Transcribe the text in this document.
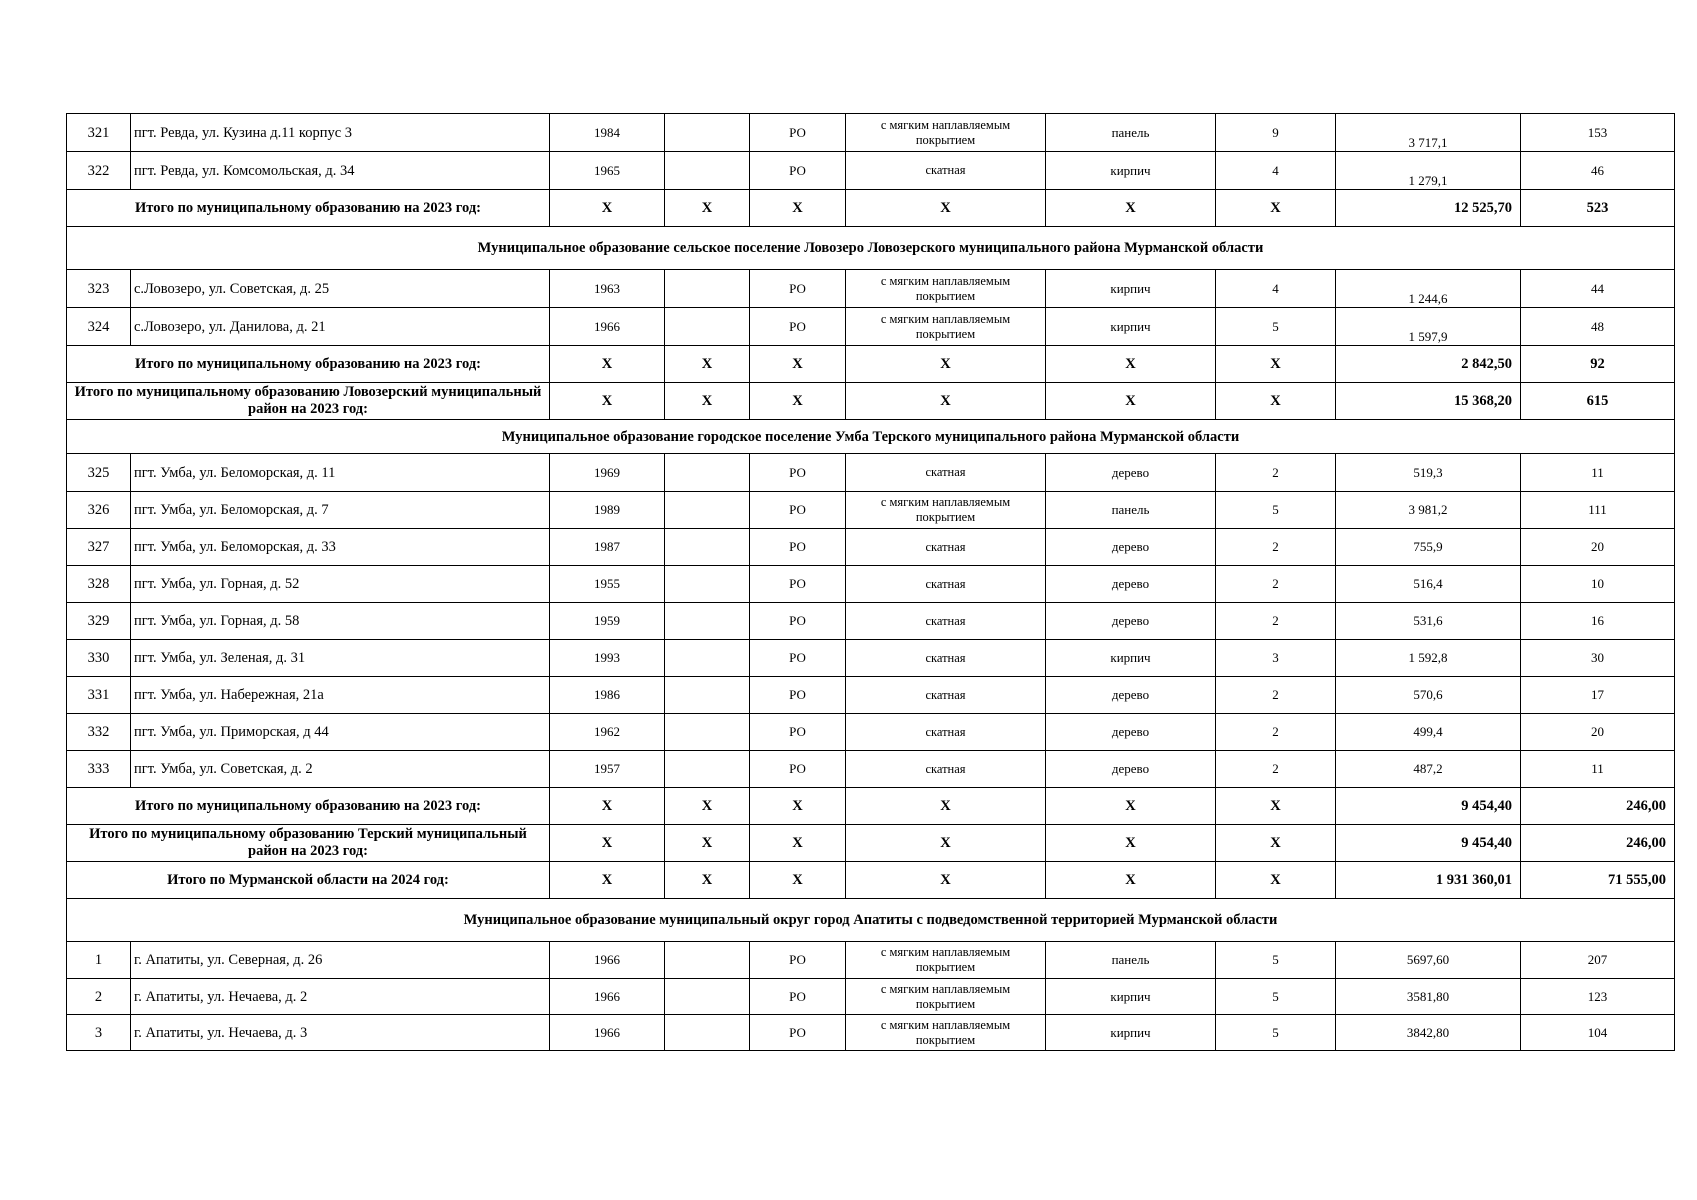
321	пгт. Ревда, ул. Кузина д.11 корпус 3	1984		РО	с мягким наплавляемым покрытием	панель	9	3 717,1	153
322	пгт. Ревда, ул. Комсомольская, д. 34	1965		РО	скатная	кирпич	4	1 279,1	46
Итого по муниципальному образованию на 2023 год:		Х	Х	Х	Х	Х	Х	12 525,70	523
Муниципальное образование сельское поселение Ловозеро Ловозерского муниципального района Мурманской области									
323	с.Ловозеро, ул. Советская, д. 25	1963		РО	с мягким наплавляемым покрытием	кирпич	4	1 244,6	44
324	с.Ловозеро, ул. Данилова, д. 21	1966		РО	с мягким наплавляемым покрытием	кирпич	5	1 597,9	48
Итого по муниципальному образованию на 2023 год:		Х	Х	Х	Х	Х	Х	2 842,50	92
Итого по муниципальному образованию Ловозерский муниципальный район на 2023 год:		Х	Х	Х	Х	Х	Х	15 368,20	615
Муниципальное образование городское поселение Умба Терского муниципального района Мурманской области									
325	пгт. Умба, ул. Беломорская, д. 11	1969		РО	скатная	дерево	2	519,3	11
326	пгт. Умба, ул. Беломорская, д. 7	1989		РО	с мягким наплавляемым покрытием	панель	5	3 981,2	111
327	пгт. Умба, ул. Беломорская, д. 33	1987		РО	скатная	дерево	2	755,9	20
328	пгт. Умба, ул. Горная, д. 52	1955		РО	скатная	дерево	2	516,4	10
329	пгт. Умба, ул. Горная, д. 58	1959		РО	скатная	дерево	2	531,6	16
330	пгт. Умба, ул. Зеленая, д. 31	1993		РО	скатная	кирпич	3	1 592,8	30
331	пгт. Умба, ул. Набережная, 21а	1986		РО	скатная	дерево	2	570,6	17
332	пгт. Умба, ул. Приморская, д 44	1962		РО	скатная	дерево	2	499,4	20
333	пгт. Умба, ул. Советская, д. 2	1957		РО	скатная	дерево	2	487,2	11
Итого по муниципальному образованию на 2023 год:		Х	Х	Х	Х	Х	Х	9 454,40	246,00
Итого по муниципальному образованию Терский муниципальный район на 2023 год:		Х	Х	Х	Х	Х	Х	9 454,40	246,00
Итого по Мурманской области на 2024 год:		Х	Х	Х	Х	Х	Х	1 931 360,01	71 555,00
Муниципальное образование муниципальный округ город Апатиты с подведомственной территорией Мурманской области									
1	г. Апатиты, ул. Северная, д. 26	1966		РО	с мягким наплавляемым покрытием	панель	5	5697,60	207
2	г. Апатиты, ул. Нечаева, д. 2	1966		РО	с мягким наплавляемым покрытием	кирпич	5	3581,80	123
3	г. Апатиты, ул. Нечаева, д. 3	1966		РО	с мягким наплавляемым покрытием	кирпич	5	3842,80	104
